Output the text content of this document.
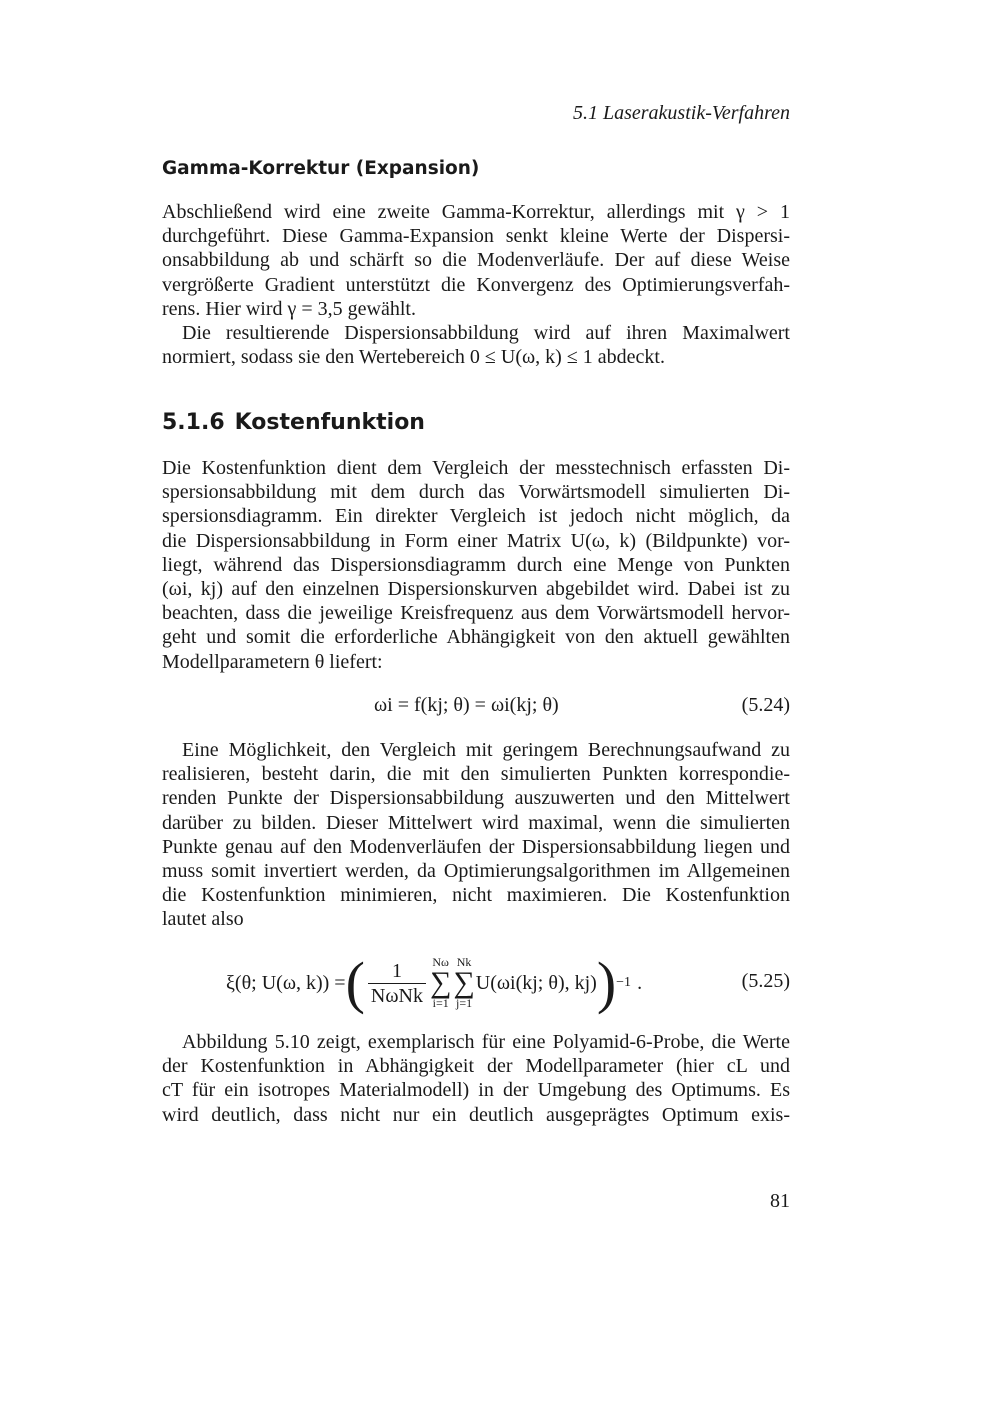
5.1 Laserakustik-Verfahren
Gamma-Korrektur (Expansion)
Abschließend wird eine zweite Gamma-Korrektur, allerdings mit γ > 1
durchgeführt. Diese Gamma-Expansion senkt kleine Werte der Dispersi-
onsabbildung ab und schärft so die Modenverläufe. Der auf diese Weise
vergrößerte Gradient unterstützt die Konvergenz des Optimierungsverfah-
rens. Hier wird γ = 3,5 gewählt.
Die resultierende Dispersionsabbildung wird auf ihren Maximalwert
normiert, sodass sie den Wertebereich 0 ≤ U(ω, k) ≤ 1 abdeckt.
5.1.6 Kostenfunktion
Die Kostenfunktion dient dem Vergleich der messtechnisch erfassten Di-
spersionsabbildung mit dem durch das Vorwärtsmodell simulierten Di-
spersionsdiagramm. Ein direkter Vergleich ist jedoch nicht möglich, da
die Dispersionsabbildung in Form einer Matrix U(ω, k) (Bildpunkte) vor-
liegt, während das Dispersionsdiagramm durch eine Menge von Punkten
(ωi, kj) auf den einzelnen Dispersionskurven abgebildet wird. Dabei ist zu
beachten, dass die jeweilige Kreisfrequenz aus dem Vorwärtsmodell hervor-
geht und somit die erforderliche Abhängigkeit von den aktuell gewählten
Modellparametern θ liefert:
ωi = f(kj; θ) = ωi(kj; θ)	(5.24)
Eine Möglichkeit, den Vergleich mit geringem Berechnungsaufwand zu
realisieren, besteht darin, die mit den simulierten Punkten korrespondie-
renden Punkte der Dispersionsabbildung auszuwerten und den Mittelwert
darüber zu bilden. Dieser Mittelwert wird maximal, wenn die simulierten
Punkte genau auf den Modenverläufen der Dispersionsabbildung liegen und
muss somit invertiert werden, da Optimierungsalgorithmen im Allgemeinen
die Kostenfunktion minimieren, nicht maximieren. Die Kostenfunktion
lautet also
ξ(θ; U(ω, k)) = ( $\frac{1}{\text{NωNk}}$ Nω
∑
i=1
Nk
∑
j=1
U(ωi(kj; θ), kj) ) −1 .	(5.25)
Abbildung 5.10 zeigt, exemplarisch für eine Polyamid-6-Probe, die Werte
der Kostenfunktion in Abhängigkeit der Modellparameter (hier cL und
cT für ein isotropes Materialmodell) in der Umgebung des Optimums. Es
wird deutlich, dass nicht nur ein deutlich ausgeprägtes Optimum exis-
81
